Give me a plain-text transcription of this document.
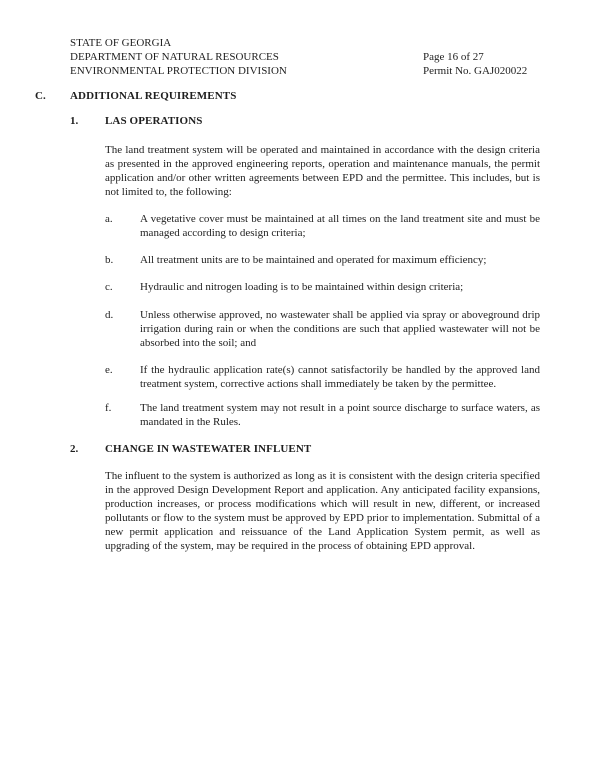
STATE OF GEORGIA
DEPARTMENT OF NATURAL RESOURCES
ENVIRONMENTAL PROTECTION DIVISION
Page 16 of 27
Permit No. GAJ020022
C.	ADDITIONAL REQUIREMENTS
1.	LAS OPERATIONS

The land treatment system will be operated and maintained in accordance with the design criteria as presented in the approved engineering reports, operation and maintenance manuals, the permit application and/or other written agreements between EPD and the permittee. This includes, but is not limited to, the following:

a.	A vegetative cover must be maintained at all times on the land treatment site and must be managed according to design criteria;
b.	All treatment units are to be maintained and operated for maximum efficiency;
c.	Hydraulic and nitrogen loading is to be maintained within design criteria;
d.	Unless otherwise approved, no wastewater shall be applied via spray or aboveground drip irrigation during rain or when the conditions are such that applied wastewater will not be absorbed into the soil; and
e.	If the hydraulic application rate(s) cannot satisfactorily be handled by the approved land treatment system, corrective actions shall immediately be taken by the permittee.
f.	The land treatment system may not result in a point source discharge to surface waters, as mandated in the Rules.
2.	CHANGE IN WASTEWATER INFLUENT

The influent to the system is authorized as long as it is consistent with the design criteria specified in the approved Design Development Report and application. Any anticipated facility expansions, production increases, or process modifications which will result in new, different, or increased pollutants or flow to the system must be approved by EPD prior to implementation. Submittal of a new permit application and reissuance of the Land Application System permit, as well as upgrading of the system, may be required in the process of obtaining EPD approval.
